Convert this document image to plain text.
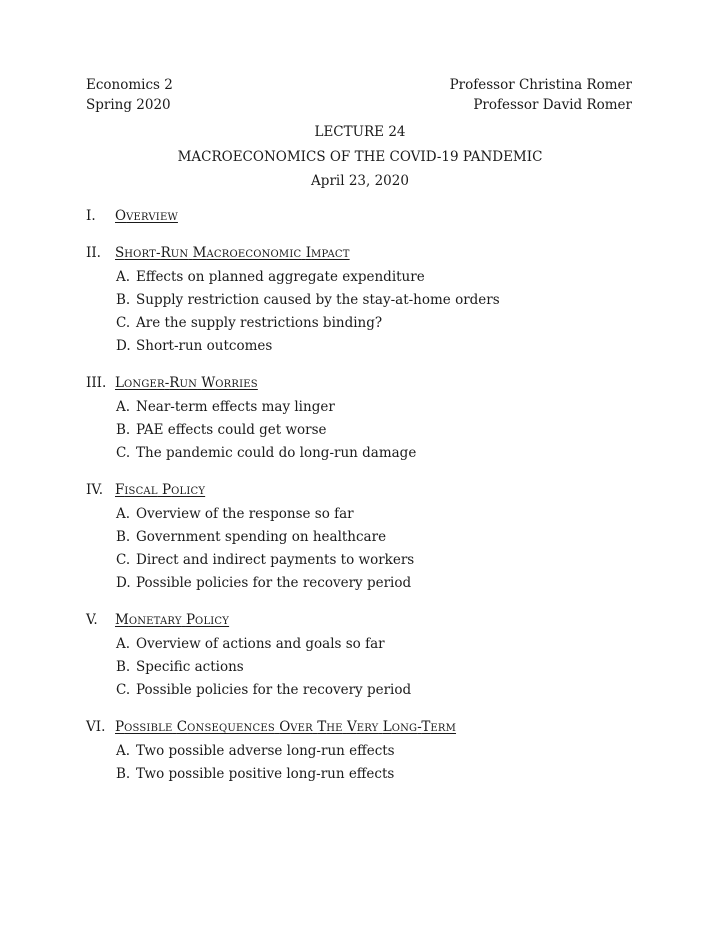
Economics 2
Spring 2020
Professor Christina Romer
Professor David Romer
LECTURE 24
MACROECONOMICS OF THE COVID-19 PANDEMIC
April 23, 2020
I. OVERVIEW
II. SHORT-RUN MACROECONOMIC IMPACT
A. Effects on planned aggregate expenditure
B. Supply restriction caused by the stay-at-home orders
C. Are the supply restrictions binding?
D. Short-run outcomes
III. LONGER-RUN WORRIES
A. Near-term effects may linger
B. PAE effects could get worse
C. The pandemic could do long-run damage
IV. FISCAL POLICY
A. Overview of the response so far
B. Government spending on healthcare
C. Direct and indirect payments to workers
D. Possible policies for the recovery period
V. MONETARY POLICY
A. Overview of actions and goals so far
B. Specific actions
C. Possible policies for the recovery period
VI. POSSIBLE CONSEQUENCES OVER THE VERY LONG-TERM
A. Two possible adverse long-run effects
B. Two possible positive long-run effects
